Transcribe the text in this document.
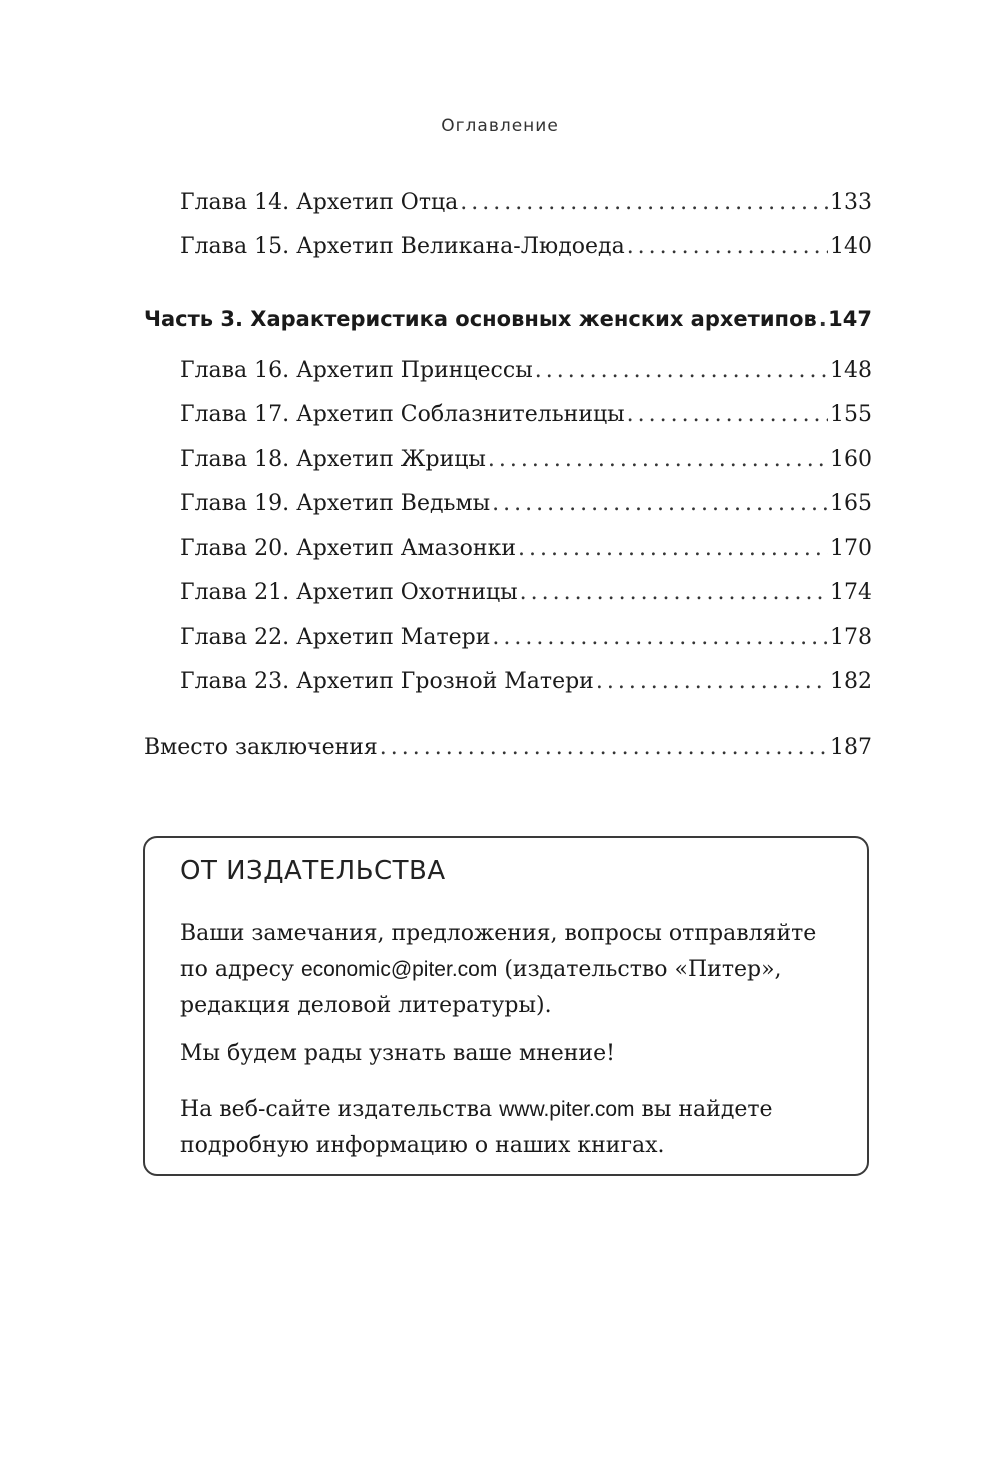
Оглавление
Глава 14. Архетип Отца .....	133
Глава 15. Архетип Великана-Людоеда .....	140
Часть 3. Характеристика основных женских архетипов . . . 147
Глава 16. Архетип Принцессы .....	148
Глава 17. Архетип Соблазнительницы .....	155
Глава 18. Архетип Жрицы .....	160
Глава 19. Архетип Ведьмы .....	165
Глава 20. Архетип Амазонки .....	170
Глава 21. Архетип Охотницы .....	174
Глава 22. Архетип Матери .....	178
Глава 23. Архетип Грозной Матери .....	182
Вместо заключения .....	187
ОТ ИЗДАТЕЛЬСТВА
Ваши замечания, предложения, вопросы отправляйте по адресу economic@piter.com (издательство «Питер», редакция деловой литературы).
Мы будем рады узнать ваше мнение!
На веб-сайте издательства www.piter.com вы найдете подробную информацию о наших книгах.
